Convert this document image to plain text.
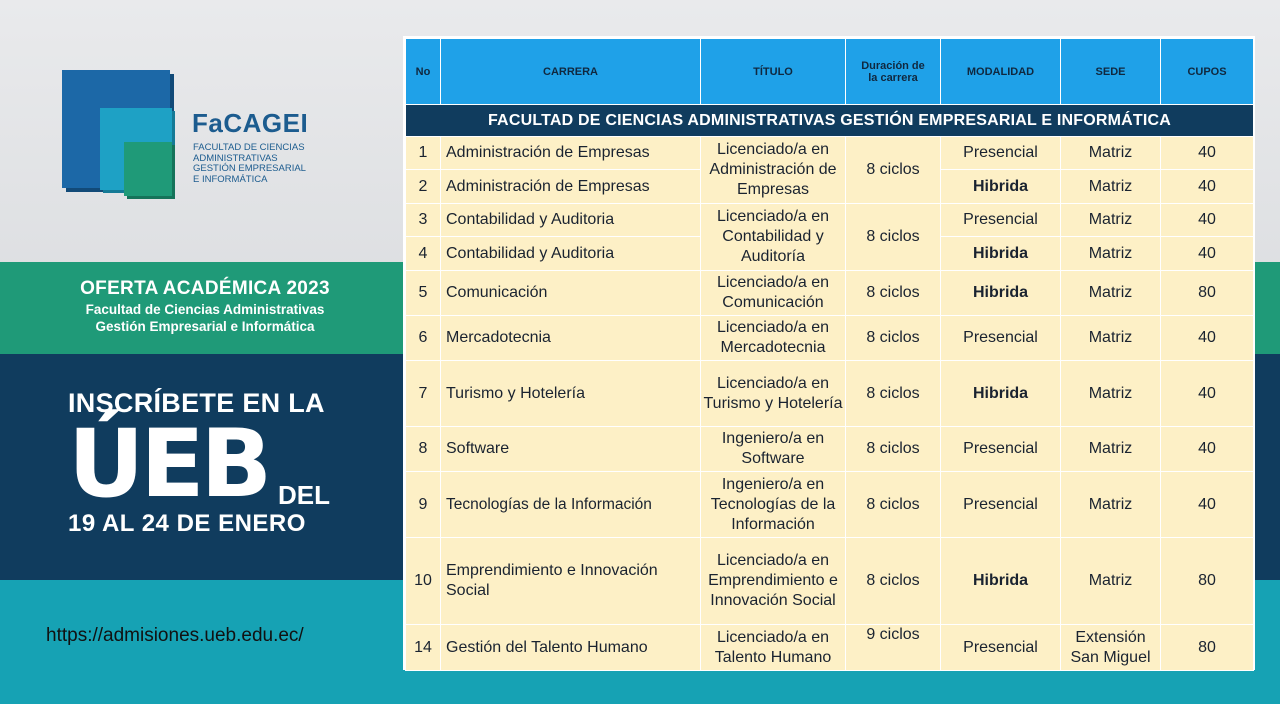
FaCAGEI
FACULTAD DE CIENCIAS
ADMINISTRATIVAS
GESTIÓN EMPRESARIAL
E INFORMÁTICA
OFERTA ACADÉMICA 2023
Facultad de Ciencias Administrativas
Gestión Empresarial e Informática
INSCRÍBETE EN LA
ÚEB DEL
19 AL 24 DE ENERO
https://admisiones.ueb.edu.ec/
No	CARRERA	TÍTULO	Duración de la carrera	MODALIDAD	SEDE	CUPOS
FACULTAD DE CIENCIAS ADMINISTRATIVAS GESTIÓN EMPRESARIAL E INFORMÁTICA						
1	Administración de Empresas	Licenciado/a en Administración de Empresas	8 ciclos	Presencial	Matriz	40
2	Administración de Empresas			Hibrida	Matriz	40
3	Contabilidad y Auditoria	Licenciado/a en Contabilidad y Auditoría	8 ciclos	Presencial	Matriz	40
4	Contabilidad y Auditoria			Hibrida	Matriz	40
5	Comunicación	Licenciado/a en Comunicación	8 ciclos	Hibrida	Matriz	80
6	Mercadotecnia	Licenciado/a en Mercadotecnia	8 ciclos	Presencial	Matriz	40
7	Turismo y Hotelería	Licenciado/a en Turismo y Hotelería	8 ciclos	Hibrida	Matriz	40
8	Software	Ingeniero/a en Software	8 ciclos	Presencial	Matriz	40
9	Tecnologías de la Información	Ingeniero/a en Tecnologías de la Información	8 ciclos	Presencial	Matriz	40
10	Emprendimiento e Innovación Social	Licenciado/a en Emprendimiento e Innovación Social	8 ciclos	Hibrida	Matriz	80
14	Gestión del Talento Humano	Licenciado/a en Talento Humano	9 ciclos	Presencial	Extensión San Miguel	80
